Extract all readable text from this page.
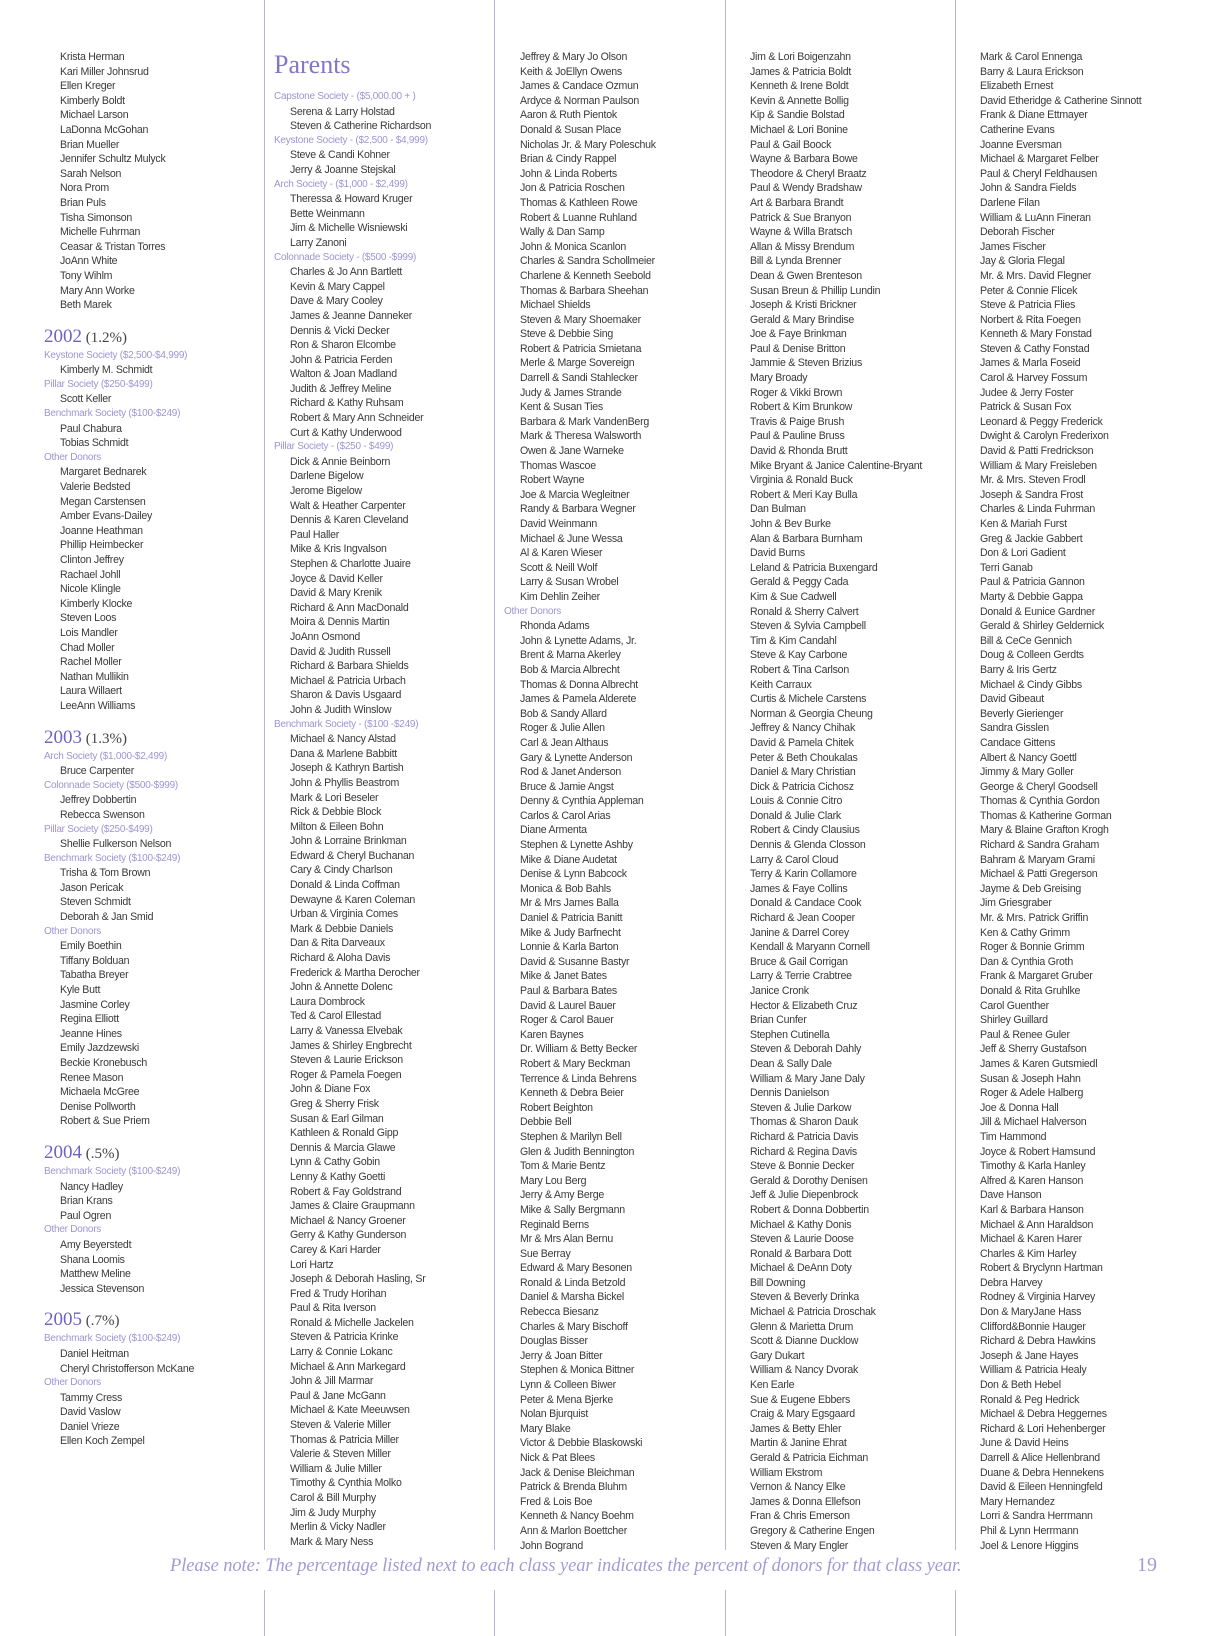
Krista Herman
Kari Miller Johnsrud
Ellen Kreger
Kimberly Boldt
Michael Larson
LaDonna McGohan
Brian Mueller
Jennifer Schultz Mulyck
Sarah Nelson
Nora Prom
Brian Puls
Tisha Simonson
Michelle Fuhrman
Ceasar & Tristan Torres
JoAnn White
Tony Wihlm
Mary Ann Worke
Beth Marek
2002 (1.2%)
Keystone Society ($2,500-$4,999)
Kimberly M. Schmidt
Pillar Society ($250-$499)
Scott Keller
Benchmark Society ($100-$249)
Paul Chabura
Tobias Schmidt
Other Donors
Margaret Bednarek
Valerie Bedsted
Megan Carstensen
Amber Evans-Dailey
Joanne Heathman
Phillip Heimbecker
Clinton Jeffrey
Rachael Johll
Nicole Klingle
Kimberly Klocke
Steven Loos
Lois Mandler
Chad Moller
Rachel Moller
Nathan Mullikin
Laura Willaert
LeeAnn Williams
2003 (1.3%)
Arch Society ($1,000-$2,499)
Bruce Carpenter
Colonnade Society ($500-$999)
Jeffrey Dobbertin
Rebecca Swenson
Pillar Society ($250-$499)
Shellie Fulkerson Nelson
Benchmark Society ($100-$249)
Trisha & Tom Brown
Jason Pericak
Steven Schmidt
Deborah & Jan Smid
Other Donors
Emily Boethin
Tiffany Bolduan
Tabatha Breyer
Kyle Butt
Jasmine Corley
Regina Elliott
Jeanne Hines
Emily Jazdzewski
Beckie Kronebusch
Renee Mason
Michaela McGree
Denise Pollworth
Robert & Sue Priem
2004 (.5%)
Benchmark Society ($100-$249)
Nancy Hadley
Brian Krans
Paul Ogren
Other Donors
Amy Beyerstedt
Shana Loomis
Matthew Meline
Jessica Stevenson
2005 (.7%)
Benchmark Society ($100-$249)
Daniel Heitman
Cheryl Christofferson McKane
Other Donors
Tammy Cress
David Vaslow
Daniel Vrieze
Ellen Koch Zempel
Parents
Capstone Society - ($5,000.00 + )
Serena & Larry Holstad
Steven & Catherine Richardson
Keystone Society - ($2,500 - $4,999)
Steve & Candi Kohner
Jerry & Joanne Stejskal
Arch Society - ($1,000 - $2,499)
Theressa & Howard Kruger
Bette Weinmann
Jim & Michelle Wisniewski
Larry Zanoni
Colonnade Society - ($500 -$999)
Charles & Jo Ann Bartlett
Kevin & Mary Cappel
Dave & Mary Cooley
James & Jeanne Danneker
Dennis & Vicki Decker
Ron & Sharon Elcombe
John & Patricia Ferden
Walton & Joan Madland
Judith & Jeffrey Meline
Richard & Kathy Ruhsam
Robert & Mary Ann Schneider
Curt & Kathy Underwood
Pillar Society - ($250 - $499)
Dick & Annie Beinborn
Darlene Bigelow
Jerome Bigelow
Walt & Heather Carpenter
Dennis & Karen Cleveland
Paul Haller
Mike & Kris Ingvalson
Stephen & Charlotte Juaire
Joyce & David Keller
David & Mary Krenik
Richard & Ann MacDonald
Moira & Dennis Martin
JoAnn Osmond
David & Judith Russell
Richard & Barbara Shields
Michael & Patricia Urbach
Sharon & Davis Usgaard
John & Judith Winslow
Benchmark Society - ($100 -$249)
Michael & Nancy Alstad
Dana & Marlene Babbitt
Joseph & Kathryn Bartish
John & Phyllis Beastrom
Mark & Lori Beseler
Rick & Debbie Block
Milton & Eileen Bohn
John & Lorraine Brinkman
Edward & Cheryl Buchanan
Cary & Cindy Charlson
Donald & Linda Coffman
Dewayne & Karen Coleman
Urban & Virginia Comes
Mark & Debbie Daniels
Dan & Rita Darveaux
Richard & Aloha Davis
Frederick & Martha Derocher
John & Annette Dolenc
Laura Dombrock
Ted & Carol Ellestad
Larry & Vanessa Elvebak
James & Shirley Engbrecht
Steven & Laurie Erickson
Roger & Pamela Foegen
John & Diane Fox
Greg & Sherry Frisk
Susan & Earl Gilman
Kathleen & Ronald Gipp
Dennis & Marcia Glawe
Lynn & Cathy Gobin
Lenny & Kathy Goetti
Robert & Fay Goldstrand
James & Claire Graupmann
Michael & Nancy Groener
Gerry & Kathy Gunderson
Carey & Kari Harder
Lori Hartz
Joseph & Deborah Hasling, Sr
Fred & Trudy Horihan
Paul & Rita Iverson
Ronald & Michelle Jackelen
Steven & Patricia Krinke
Larry & Connie Lokanc
Michael & Ann Markegard
John & Jill Marmar
Paul & Jane McGann
Michael & Kate Meeuwsen
Steven & Valerie Miller
Thomas & Patricia Miller
Valerie & Steven Miller
William & Julie Miller
Timothy & Cynthia Molko
Carol & Bill Murphy
Jim & Judy Murphy
Merlin & Vicky Nadler
Mark & Mary Ness
Jeffrey & Mary Jo Olson
Keith & JoEllyn Owens
James & Candace Ozmun
Ardyce & Norman Paulson
Aaron & Ruth Pientok
Donald & Susan Place
Nicholas Jr. & Mary Poleschuk
Brian & Cindy Rappel
John & Linda Roberts
Jon & Patricia Roschen
Thomas & Kathleen Rowe
Robert & Luanne Ruhland
Wally & Dan Samp
John & Monica Scanlon
Charles & Sandra Schollmeier
Charlene & Kenneth Seebold
Thomas & Barbara Sheehan
Michael Shields
Steven & Mary Shoemaker
Steve & Debbie Sing
Robert & Patricia Smietana
Merle & Marge Sovereign
Darrell & Sandi Stahlecker
Judy & James Strande
Kent & Susan Ties
Barbara & Mark VandenBerg
Mark & Theresa Walsworth
Owen & Jane Warneke
Thomas Wascoe
Robert Wayne
Joe & Marcia Wegleitner
Randy & Barbara Wegner
David Weinmann
Michael & June Wessa
Al & Karen Wieser
Scott & Neill Wolf
Larry & Susan Wrobel
Kim Dehlin Zeiher
Other Donors
Rhonda Adams
John & Lynette Adams, Jr.
Brent & Marna Akerley
Bob & Marcia Albrecht
Thomas & Donna Albrecht
James & Pamela Alderete
Bob & Sandy Allard
Roger & Julie Allen
Carl & Jean Althaus
Gary & Lynette Anderson
Rod & Janet Anderson
Bruce & Jamie Angst
Denny & Cynthia Appleman
Carlos & Carol Arias
Diane Armenta
Stephen & Lynette Ashby
Mike & Diane Audetat
Denise & Lynn Babcock
Monica & Bob Bahls
Mr & Mrs James Balla
Daniel & Patricia Banitt
Mike & Judy Barfnecht
Lonnie & Karla Barton
David & Susanne Bastyr
Mike & Janet Bates
Paul & Barbara Bates
David & Laurel Bauer
Roger & Carol Bauer
Karen Baynes
Dr. William & Betty Becker
Robert & Mary Beckman
Terrence & Linda Behrens
Kenneth & Debra Beier
Robert Beighton
Debbie Bell
Stephen & Marilyn Bell
Glen & Judith Bennington
Tom & Marie Bentz
Mary Lou Berg
Jerry & Amy Berge
Mike & Sally Bergmann
Reginald Berns
Mr & Mrs Alan Bernu
Sue Berray
Edward & Mary Besonen
Ronald & Linda Betzold
Daniel & Marsha Bickel
Rebecca Biesanz
Charles & Mary Bischoff
Douglas Bisser
Jerry & Joan Bitter
Stephen & Monica Bittner
Lynn & Colleen Biwer
Peter & Mena Bjerke
Nolan Bjurquist
Mary Blake
Victor & Debbie Blaskowski
Nick & Pat Blees
Jack & Denise Bleichman
Patrick & Brenda Bluhm
Fred & Lois Boe
Kenneth & Nancy Boehm
Ann & Marlon Boettcher
John Bogrand
Jim & Lori Boigenzahn
James & Patricia Boldt
Kenneth & Irene Boldt
Kevin & Annette Bollig
Kip & Sandie Bolstad
Michael & Lori Bonine
Paul & Gail Boock
Wayne & Barbara Bowe
Theodore & Cheryl Braatz
Paul & Wendy Bradshaw
Art & Barbara Brandt
Patrick & Sue Branyon
Wayne & Willa Bratsch
Allan & Missy Brendum
Bill & Lynda Brenner
Dean & Gwen Brenteson
Susan Breun & Phillip Lundin
Joseph & Kristi Brickner
Gerald & Mary Brindise
Joe & Faye Brinkman
Paul & Denise Britton
Jammie & Steven Brizius
Mary Broady
Roger & Vikki Brown
Robert & Kim Brunkow
Travis & Paige Brush
Paul & Pauline Bruss
David & Rhonda Brutt
Mike Bryant & Janice Calentine-Bryant
Virginia & Ronald Buck
Robert & Meri Kay Bulla
Dan Bulman
John & Bev Burke
Alan & Barbara Burnham
David Burns
Leland & Patricia Buxengard
Gerald & Peggy Cada
Kim & Sue Cadwell
Ronald & Sherry Calvert
Steven & Sylvia Campbell
Tim & Kim Candahl
Steve & Kay Carbone
Robert & Tina Carlson
Keith Carraux
Curtis & Michele Carstens
Norman & Georgia Cheung
Jeffrey & Nancy Chihak
David & Pamela Chitek
Peter & Beth Choukalas
Daniel & Mary Christian
Dick & Patricia Cichosz
Louis & Connie Citro
Donald & Julie Clark
Robert & Cindy Clausius
Dennis & Glenda Closson
Larry & Carol Cloud
Terry & Karin Collamore
James & Faye Collins
Donald & Candace Cook
Richard & Jean Cooper
Janine & Darrel Corey
Kendall & Maryann Cornell
Bruce & Gail Corrigan
Larry & Terrie Crabtree
Janice Cronk
Hector & Elizabeth Cruz
Brian Cunfer
Stephen Cutinella
Steven & Deborah Dahly
Dean & Sally Dale
William & Mary Jane Daly
Dennis Danielson
Steven & Julie Darkow
Thomas & Sharon Dauk
Richard & Patricia Davis
Richard & Regina Davis
Steve & Bonnie Decker
Gerald & Dorothy Denisen
Jeff & Julie Diepenbrock
Robert & Donna Dobbertin
Michael & Kathy Donis
Steven & Laurie Doose
Ronald & Barbara Dott
Michael & DeAnn Doty
Bill Downing
Steven & Beverly Drinka
Michael & Patricia Droschak
Glenn & Marietta Drum
Scott & Dianne Ducklow
Gary Dukart
William & Nancy Dvorak
Ken Earle
Sue & Eugene Ebbers
Craig & Mary Egsgaard
James & Betty Ehler
Martin & Janine Ehrat
Gerald & Patricia Eichman
William Ekstrom
Vernon & Nancy Elke
James & Donna Ellefson
Fran & Chris Emerson
Gregory & Catherine Engen
Steven & Mary Engler
Mark & Carol Ennenga
Barry & Laura Erickson
Elizabeth Ernest
David Etheridge & Catherine Sinnott
Frank & Diane Ettmayer
Catherine Evans
Joanne Eversman
Michael & Margaret Felber
Paul & Cheryl Feldhausen
John & Sandra Fields
Darlene Filan
William & LuAnn Fineran
Deborah Fischer
James Fischer
Jay & Gloria Flegal
Mr. & Mrs. David Flegner
Peter & Connie Flicek
Steve & Patricia Flies
Norbert & Rita Foegen
Kenneth & Mary Fonstad
Steven & Cathy Fonstad
James & Marla Foseid
Carol & Harvey Fossum
Judee & Jerry Foster
Patrick & Susan Fox
Leonard & Peggy Frederick
Dwight & Carolyn Frederixon
David & Patti Fredrickson
William & Mary Freisleben
Mr. & Mrs. Steven Frodl
Joseph & Sandra Frost
Charles & Linda Fuhrman
Ken & Mariah Furst
Greg & Jackie Gabbert
Don & Lori Gadient
Terri Ganab
Paul & Patricia Gannon
Marty & Debbie Gappa
Donald & Eunice Gardner
Gerald & Shirley Geldernick
Bill & CeCe Gennich
Doug & Colleen Gerdts
Barry & Iris Gertz
Michael & Cindy Gibbs
David Gibeaut
Beverly Gierienger
Sandra Gisslen
Candace Gittens
Albert & Nancy Goettl
Jimmy & Mary Goller
George & Cheryl Goodsell
Thomas & Cynthia Gordon
Thomas & Katherine Gorman
Mary & Blaine Grafton Krogh
Richard & Sandra Graham
Bahram & Maryam Grami
Michael & Patti Gregerson
Jayme & Deb Greising
Jim Griesgraber
Mr. & Mrs. Patrick Griffin
Ken & Cathy Grimm
Roger & Bonnie Grimm
Dan & Cynthia Groth
Frank & Margaret Gruber
Donald & Rita Gruhlke
Carol Guenther
Shirley Guillard
Paul & Renee Guler
Jeff & Sherry Gustafson
James & Karen Gutsmiedl
Susan & Joseph Hahn
Roger & Adele Halberg
Joe & Donna Hall
Jill & Michael Halverson
Tim Hammond
Joyce & Robert Hamsund
Timothy & Karla Hanley
Alfred & Karen Hanson
Dave Hanson
Karl & Barbara Hanson
Michael & Ann Haraldson
Michael & Karen Harer
Charles & Kim Harley
Robert & Bryclynn Hartman
Debra Harvey
Rodney & Virginia Harvey
Don & MaryJane Hass
Clifford&Bonnie Hauger
Richard & Debra Hawkins
Joseph & Jane Hayes
William & Patricia Healy
Don & Beth Hebel
Ronald & Peg Hedrick
Michael & Debra Heggernes
Richard & Lori Hehenberger
June & David Heins
Darrell & Alice Hellenbrand
Duane & Debra Hennekens
David & Eileen Henningfeld
Mary Hernandez
Lorri & Sandra Herrmann
Phil & Lynn Herrmann
Joel & Lenore Higgins
Please note: The percentage listed next to each class year indicates the percent of donors for that class year.	19
